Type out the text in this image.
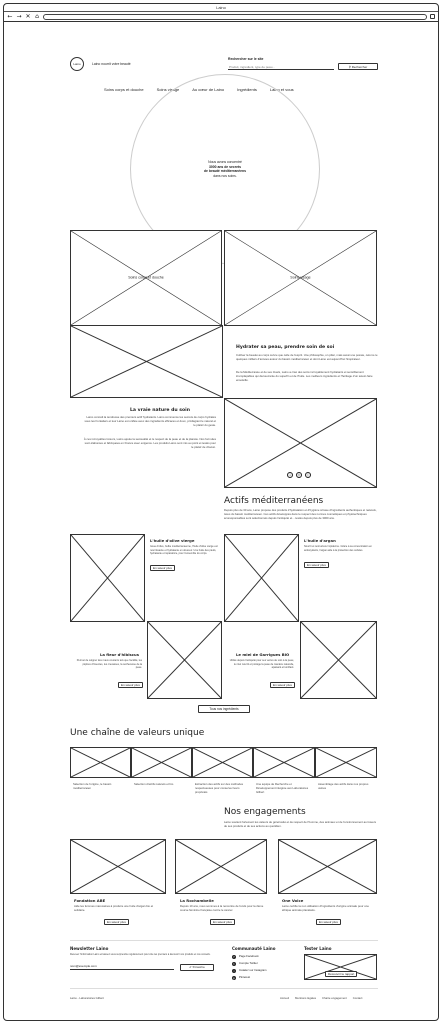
Laino
← → ✕ ⌂
Laino	Laino nourrit votre beauté
Rechercher sur le site
Produit, ingrédient, type de peau...
⚲ Rechercher
Soins corps et douche	Soins visage	Au cœur de Laino	Ingrédients	Laino et vous
Nous avons concentré
3000 ans de secrets
de beauté méditerranéens
dans nos soins.
Soins corps et douche	Soins visage
Hydrater sa peau, prendre soin de soi
Cultiver la beauté au corps suivre que celle de l'esprit. Une philosophie, un pilier, mais aussi une poésie, celui à ce quelques milliers d'années autour du bassin méditerranéen et dont Laino est aujourd'hui l'inspirateur.
De la Méditerranée et de ses rituels, Laino a créé des soins incroyablement hydratants et sensiblement irremplaçables qui découvrante du superfin et de l'huile. Les meilleurs ingrédients et l'héritage d'un savoir-faire ensoleillé.
La vraie nature du soin
Laino connaît la tendresse des premiers actif hydratants. Laino commence les secrets de corps hydratés sous les frontaliers et leur Laino est unifiée avec des ingrédients efficaces et doux, privilégiant le naturel et le plaisir du geste.
À ces incroyables trésors, Laino ajoute la sensualité et le respect de la peau et de la planète. Nos formules sont élaborées et fabriquées en France avec exigence. Les produits Laino sont mis au point et testés pour le plaisir de chacun.
Ⓐ	Ⓑ	Ⓒ
Actifs méditerranéens
Depuis plus de 30 ans, Laino propose des produits d'hydratation et d'hygiène à base d'ingrédients authentiques et naturels, issus du bassin méditerranéen. Ces actifs développés dans le respect des normes cosmétiques et phytotechniques écoresponsables sont sélectionnés depuis l'antiquité et... testés depuis plus de 3000 ans.
L'huile d'olive vierge
Issue d'olive, bulbe méditerranéenne, l'huile d'olive vierge est nourrissante et hydratante en douceur. Une huile des pieds, hydratante et réparatrice, pour l'ensemble du corps.
En savoir plus
L'huile d'argan
Nourrit et restructure l'épiderme. Grâce à sa concentration en antioxydants, l'argan aide à la protection des cellules.
En savoir plus
La fleur d'hibiscus
Permet de soigner des maux courants tels que l'acidité, les piqûres d'insectes, les crevasses, la sécheresse de la peau.
En savoir plus
Le miel de Garrigues BIO
Utilisé depuis l'antiquité pour ses vertus de soin à la peau, le miel nourrit et protège la peau de manière naturelle, apaisant et tonifiant.
En savoir plus
Tous nos ingrédients
Une chaîne de valeurs unique
Sélection de l'origine, le bassin méditerranéen
Sélection d'actifs naturels et bio	Extraction des actifs sur des méthodes respectueuses pour conserver leurs propriétés
Une équipe de Recherche et Développement intégrée aux Laboratoires Gilbert
Assemblage des actifs dans nos propres usines
Nos engagements
Laino soutient fortement les valeurs de générosité et de respect de l'homme, des animaux et de l'environnement au travers de ses produits et de ses actions au quotidien.
Fondation ABE
Aide les femmes marocaines à produire une huile d'argan bio et solidaire.
En savoir plus
La Rochambelle
Depuis 10 ans, nous sommes à la rencontre de fonds pour la 2ème course féminine française contre le cancer.
En savoir plus
One Voice
Laino certifie la non utilisation d'ingrédients d'origine animale pour une éthique animale planétaire.
En savoir plus
Newsletter Laino
Recevez l'information Laino et laissez-vous surprendre régulièrement pour être les premiers à découvrir nos produits et nos conseils.
nom@exemple.com	✔ S'inscrire
Communauté Laino
f	Page Facebook
t	Compte Twitter
i	Instalez sur Instagram
p	Pinterest
Tester Laino
Découvrir le rapport
Laino - Laboratoires Gilbert	Accueil Mentions légales Charte engagement Contact
